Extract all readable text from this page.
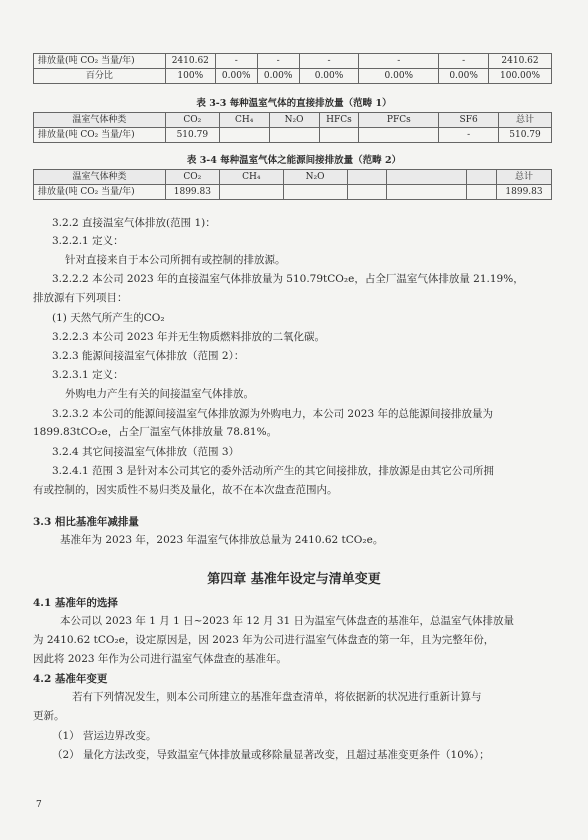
排放量(吨 CO₂ 当量/年)	2410.62	-	-	-	-	-	2410.62
百分比	100%	0.00%	0.00%	0.00%	0.00%	0.00%	100.00%
表 3-3 每种温室气体的直接排放量（范畴 1）
温室气体种类	CO₂	CH₄	N₂O	HFCs	PFCs	SF6	总计
排放量(吨 CO₂ 当量/年)	510.79					-	510.79
表 3-4 每种温室气体之能源间接排放量（范畴 2）
温室气体种类	CO₂	CH₄	N₂O				总计
排放量(吨 CO₂ 当量/年)	1899.83						1899.83
3.2.2 直接温室气体排放(范围 1)：
3.2.2.1 定义：
针对直接来自于本公司所拥有或控制的排放源。
3.2.2.2 本公司 2023 年的直接温室气体排放量为 510.79tCO₂e，占全厂温室气体排放量 21.19%，
排放源有下列项目：
(1) 天然气所产生的CO₂
3.2.2.3 本公司 2023 年并无生物质燃料排放的二氧化碳。
3.2.3 能源间接温室气体排放（范围 2）：
3.2.3.1 定义：
外购电力产生有关的间接温室气体排放。
3.2.3.2 本公司的能源间接温室气体排放源为外购电力，本公司 2023 年的总能源间接排放量为
1899.83tCO₂e，占全厂温室气体排放量 78.81%。
3.2.4 其它间接温室气体排放（范围 3）
3.2.4.1 范围 3 是针对本公司其它的委外活动所产生的其它间接排放，排放源是由其它公司所拥
有或控制的，因实质性不易归类及量化，故不在本次盘查范围内。
3.3 相比基准年减排量
基准年为 2023 年，2023 年温室气体排放总量为 2410.62 tCO₂e。
第四章 基准年设定与清单变更
4.1 基准年的选择
本公司以 2023 年 1 月 1 日~2023 年 12 月 31 日为温室气体盘查的基准年，总温室气体排放量
为 2410.62 tCO₂e，设定原因是，因 2023 年为公司进行温室气体盘查的第一年，且为完整年份，
因此将 2023 年作为公司进行温室气体盘查的基准年。
4.2 基准年变更
若有下列情况发生，则本公司所建立的基准年盘查清单，将依据新的状况进行重新计算与
更新。
（1） 营运边界改变。
（2） 量化方法改变，导致温室气体排放量或移除量显著改变，且超过基准变更条件（10%）；
7
